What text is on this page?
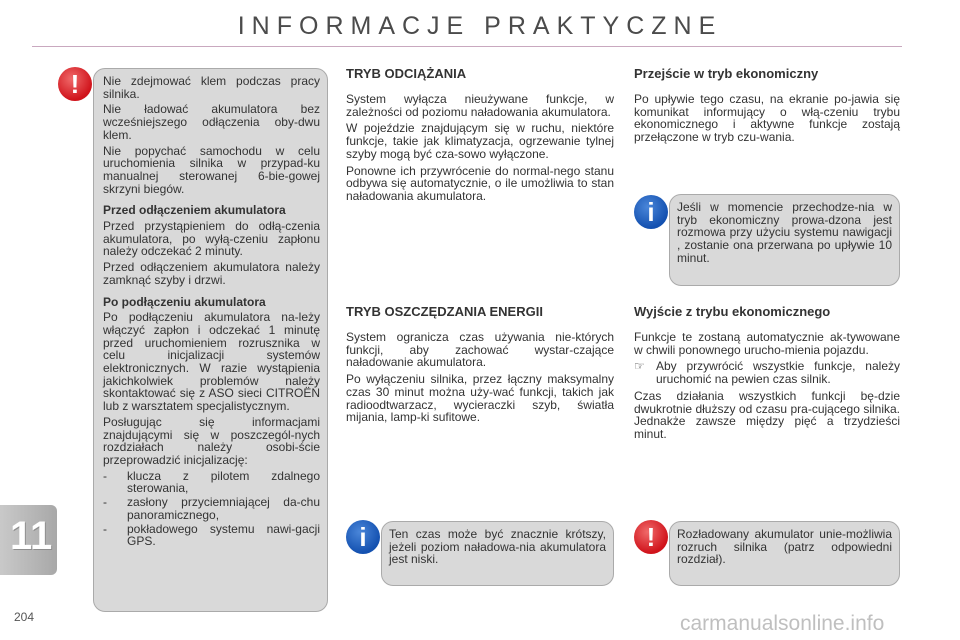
INFORMACJE PRAKTYCZNE
11
204
!	Nie zdejmować klem podczas pracy silnika.

Nie ładować akumulatora bez wcześniejszego odłączenia oby-dwu klem.

Nie popychać samochodu w celu uruchomienia silnika w przypad-ku manualnej sterowanej 6-bie-gowej skrzyni biegów.

Przed odłączeniem akumulatora

Przed przystąpieniem do odłą-czenia akumulatora, po wyłą-czeniu zapłonu należy odczekać 2 minuty.

Przed odłączeniem akumulatora należy zamknąć szyby i drzwi.

Po podłączeniu akumulatora

Po podłączeniu akumulatora na-leży włączyć zapłon i odczekać 1 minutę przed uruchomieniem rozrusznika w celu inicjalizacji systemów elektronicznych. W razie wystąpienia jakichkolwiek problemów należy skontaktować się z ASO sieci CITROËN lub z warsztatem specjalistycznym.

Posługując się informacjami znajdującymi się w poszczegól-nych rozdziałach należy osobi-ście przeprowadzić inicjalizację:

- klucza z pilotem zdalnego sterowania,
- zasłony przyciemniającej da-chu panoramicznego,
- pokładowego systemu nawi-gacji GPS.
TRYB ODCIĄŻANIA

System wyłącza nieużywane funkcje, w zależności od poziomu naładowania akumulatora.

W pojeździe znajdującym się w ruchu, niektóre funkcje, takie jak klimatyzacja, ogrzewanie tylnej szyby mogą być cza-sowo wyłączone.

Ponowne ich przywrócenie do normal-nego stanu odbywa się automatycznie, o ile umożliwia to stan naładowania akumulatora.

TRYB OSZCZĘDZANIA ENERGII

System ogranicza czas używania nie-których funkcji, aby zachować wystar-czające naładowanie akumulatora.

Po wyłączeniu silnika, przez łączny maksymalny czas 30 minut można uży-wać funkcji, takich jak radioodtwarzacz, wycieraczki szyb, światła mijania, lamp-ki sufitowe.

i	Ten czas może być znacznie krótszy, jeżeli poziom naładowa-nia akumulatora jest niski.
Przejście w tryb ekonomiczny

Po upływie tego czasu, na ekranie po-jawia się komunikat informujący o włą-czeniu trybu ekonomicznego i aktywne funkcje zostają przełączone w tryb czu-wania.

i	Jeśli w momencie przechodze-nia w tryb ekonomiczny prowa-dzona jest rozmowa przy użyciu systemu nawigacji , zostanie ona przerwana po upływie 10 minut.
Wyjście z trybu ekonomicznego

Funkcje te zostaną automatycznie ak-tywowane w chwili ponownego urucho-mienia pojazdu.

☞ Aby przywrócić wszystkie funkcje, należy uruchomić na pewien czas silnik.

Czas działania wszystkich funkcji bę-dzie dwukrotnie dłuższy od czasu pra-cującego silnika. Jednakże zawsze między pięć a trzydzieści minut.

!	Rozładowany akumulator unie-możliwia rozruch silnika (patrz odpowiedni rozdział).
carmanualsonline.info
